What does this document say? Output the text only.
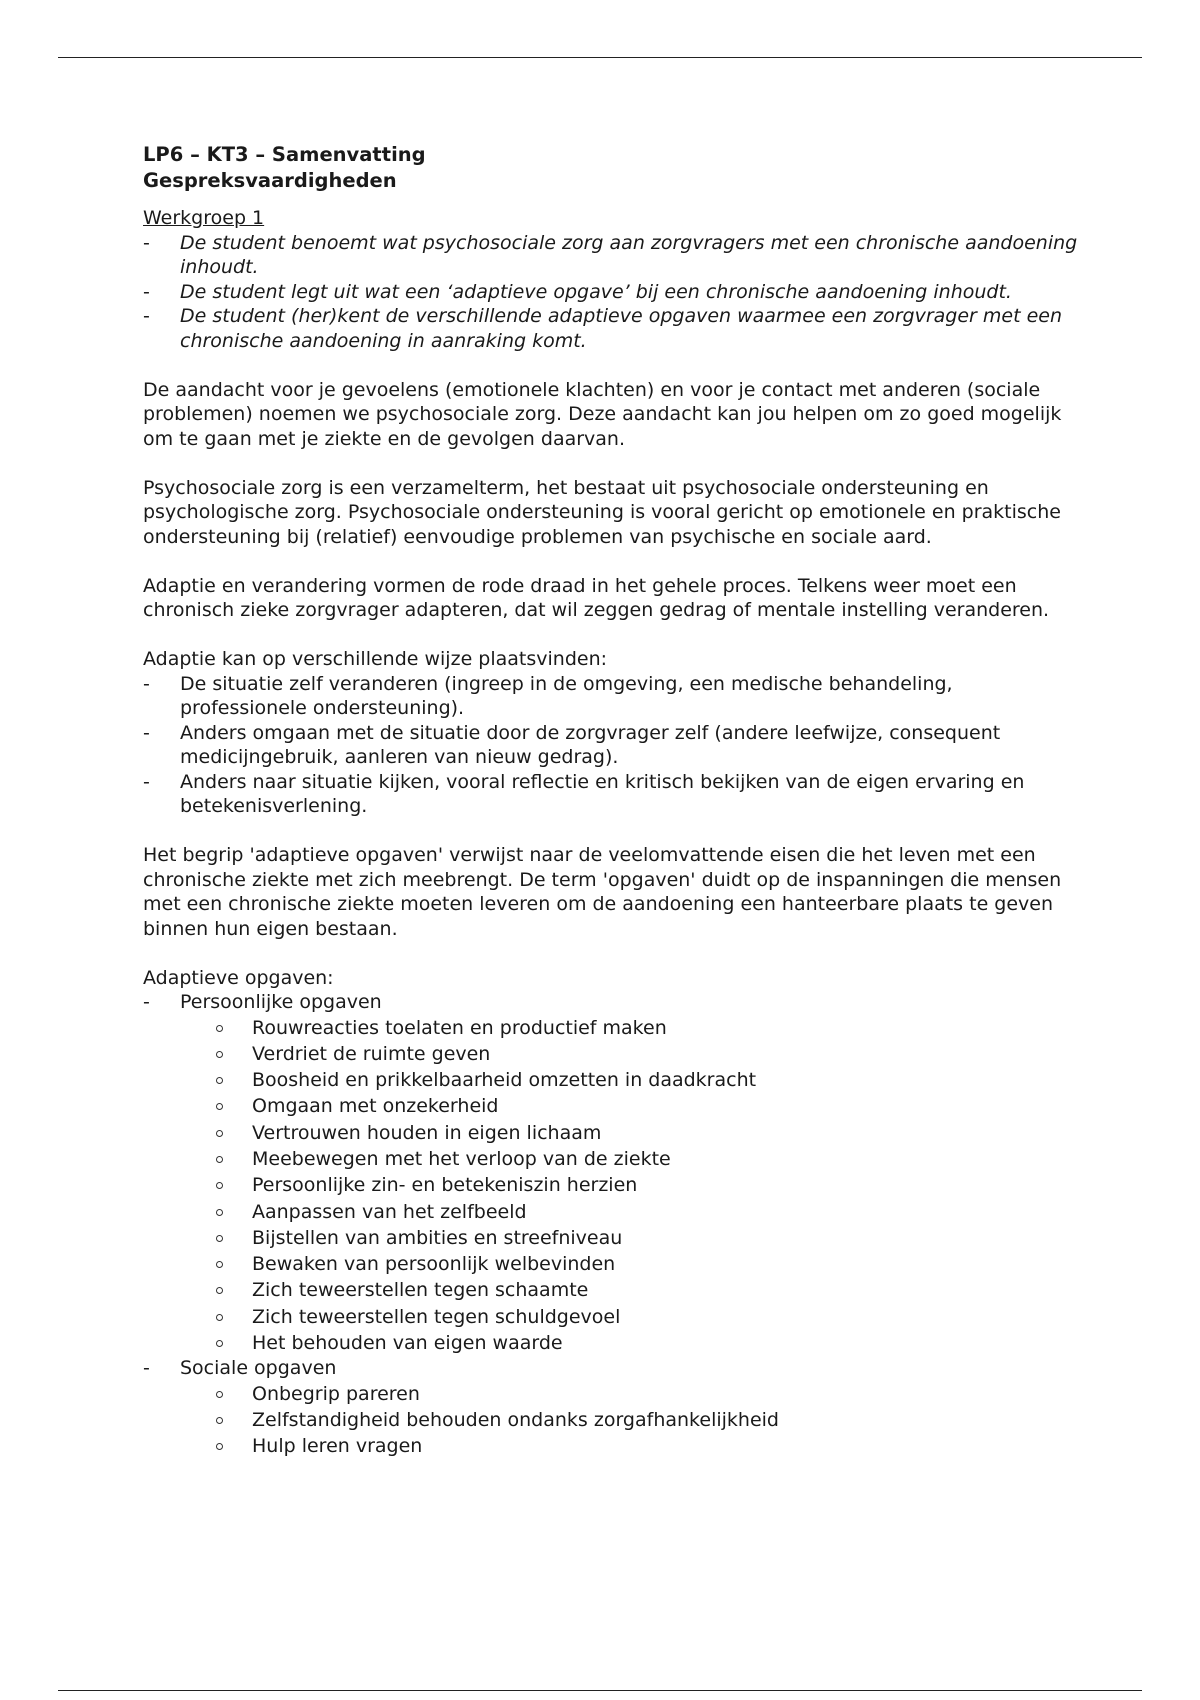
LP6 – KT3 – Samenvatting

Gespreksvaardigheden

Werkgroep 1
- De student benoemt wat psychosociale zorg aan zorgvragers met een chronische aandoening inhoudt.
- De student legt uit wat een ‘adaptieve opgave’ bij een chronische aandoening inhoudt.
- De student (her)kent de verschillende adaptieve opgaven waarmee een zorgvrager met een chronische aandoening in aanraking komt.

De aandacht voor je gevoelens (emotionele klachten) en voor je contact met anderen (sociale problemen) noemen we psychosociale zorg. Deze aandacht kan jou helpen om zo goed mogelijk om te gaan met je ziekte en de gevolgen daarvan.

Psychosociale zorg is een verzamelterm, het bestaat uit psychosociale ondersteuning en psychologische zorg. Psychosociale ondersteuning is vooral gericht op emotionele en praktische ondersteuning bij (relatief) eenvoudige problemen van psychische en sociale aard.

Adaptie en verandering vormen de rode draad in het gehele proces. Telkens weer moet een chronisch zieke zorgvrager adapteren, dat wil zeggen gedrag of mentale instelling veranderen.

Adaptie kan op verschillende wijze plaatsvinden:

- De situatie zelf veranderen (ingreep in de omgeving, een medische behandeling, professionele ondersteuning).
- Anders omgaan met de situatie door de zorgvrager zelf (andere leefwijze, consequent medicijngebruik, aanleren van nieuw gedrag).
- Anders naar situatie kijken, vooral reflectie en kritisch bekijken van de eigen ervaring en betekenisverlening.

Het begrip 'adaptieve opgaven' verwijst naar de veelomvattende eisen die het leven met een chronische ziekte met zich meebrengt. De term 'opgaven' duidt op de inspanningen die mensen met een chronische ziekte moeten leveren om de aandoening een hanteerbare plaats te geven binnen hun eigen bestaan.

Adaptieve opgaven:

- Persoonlijke opgaven
Rouwreacties toelaten en productief maken
Verdriet de ruimte geven
Boosheid en prikkelbaarheid omzetten in daadkracht
Omgaan met onzekerheid
Vertrouwen houden in eigen lichaam
Meebewegen met het verloop van de ziekte
Persoonlijke zin- en betekeniszin herzien
Aanpassen van het zelfbeeld
Bijstellen van ambities en streefniveau
Bewaken van persoonlijk welbevinden
Zich teweerstellen tegen schaamte
Zich teweerstellen tegen schuldgevoel
Het behouden van eigen waarde
- Sociale opgaven
Onbegrip pareren
Zelfstandigheid behouden ondanks zorgafhankelijkheid
Hulp leren vragen
